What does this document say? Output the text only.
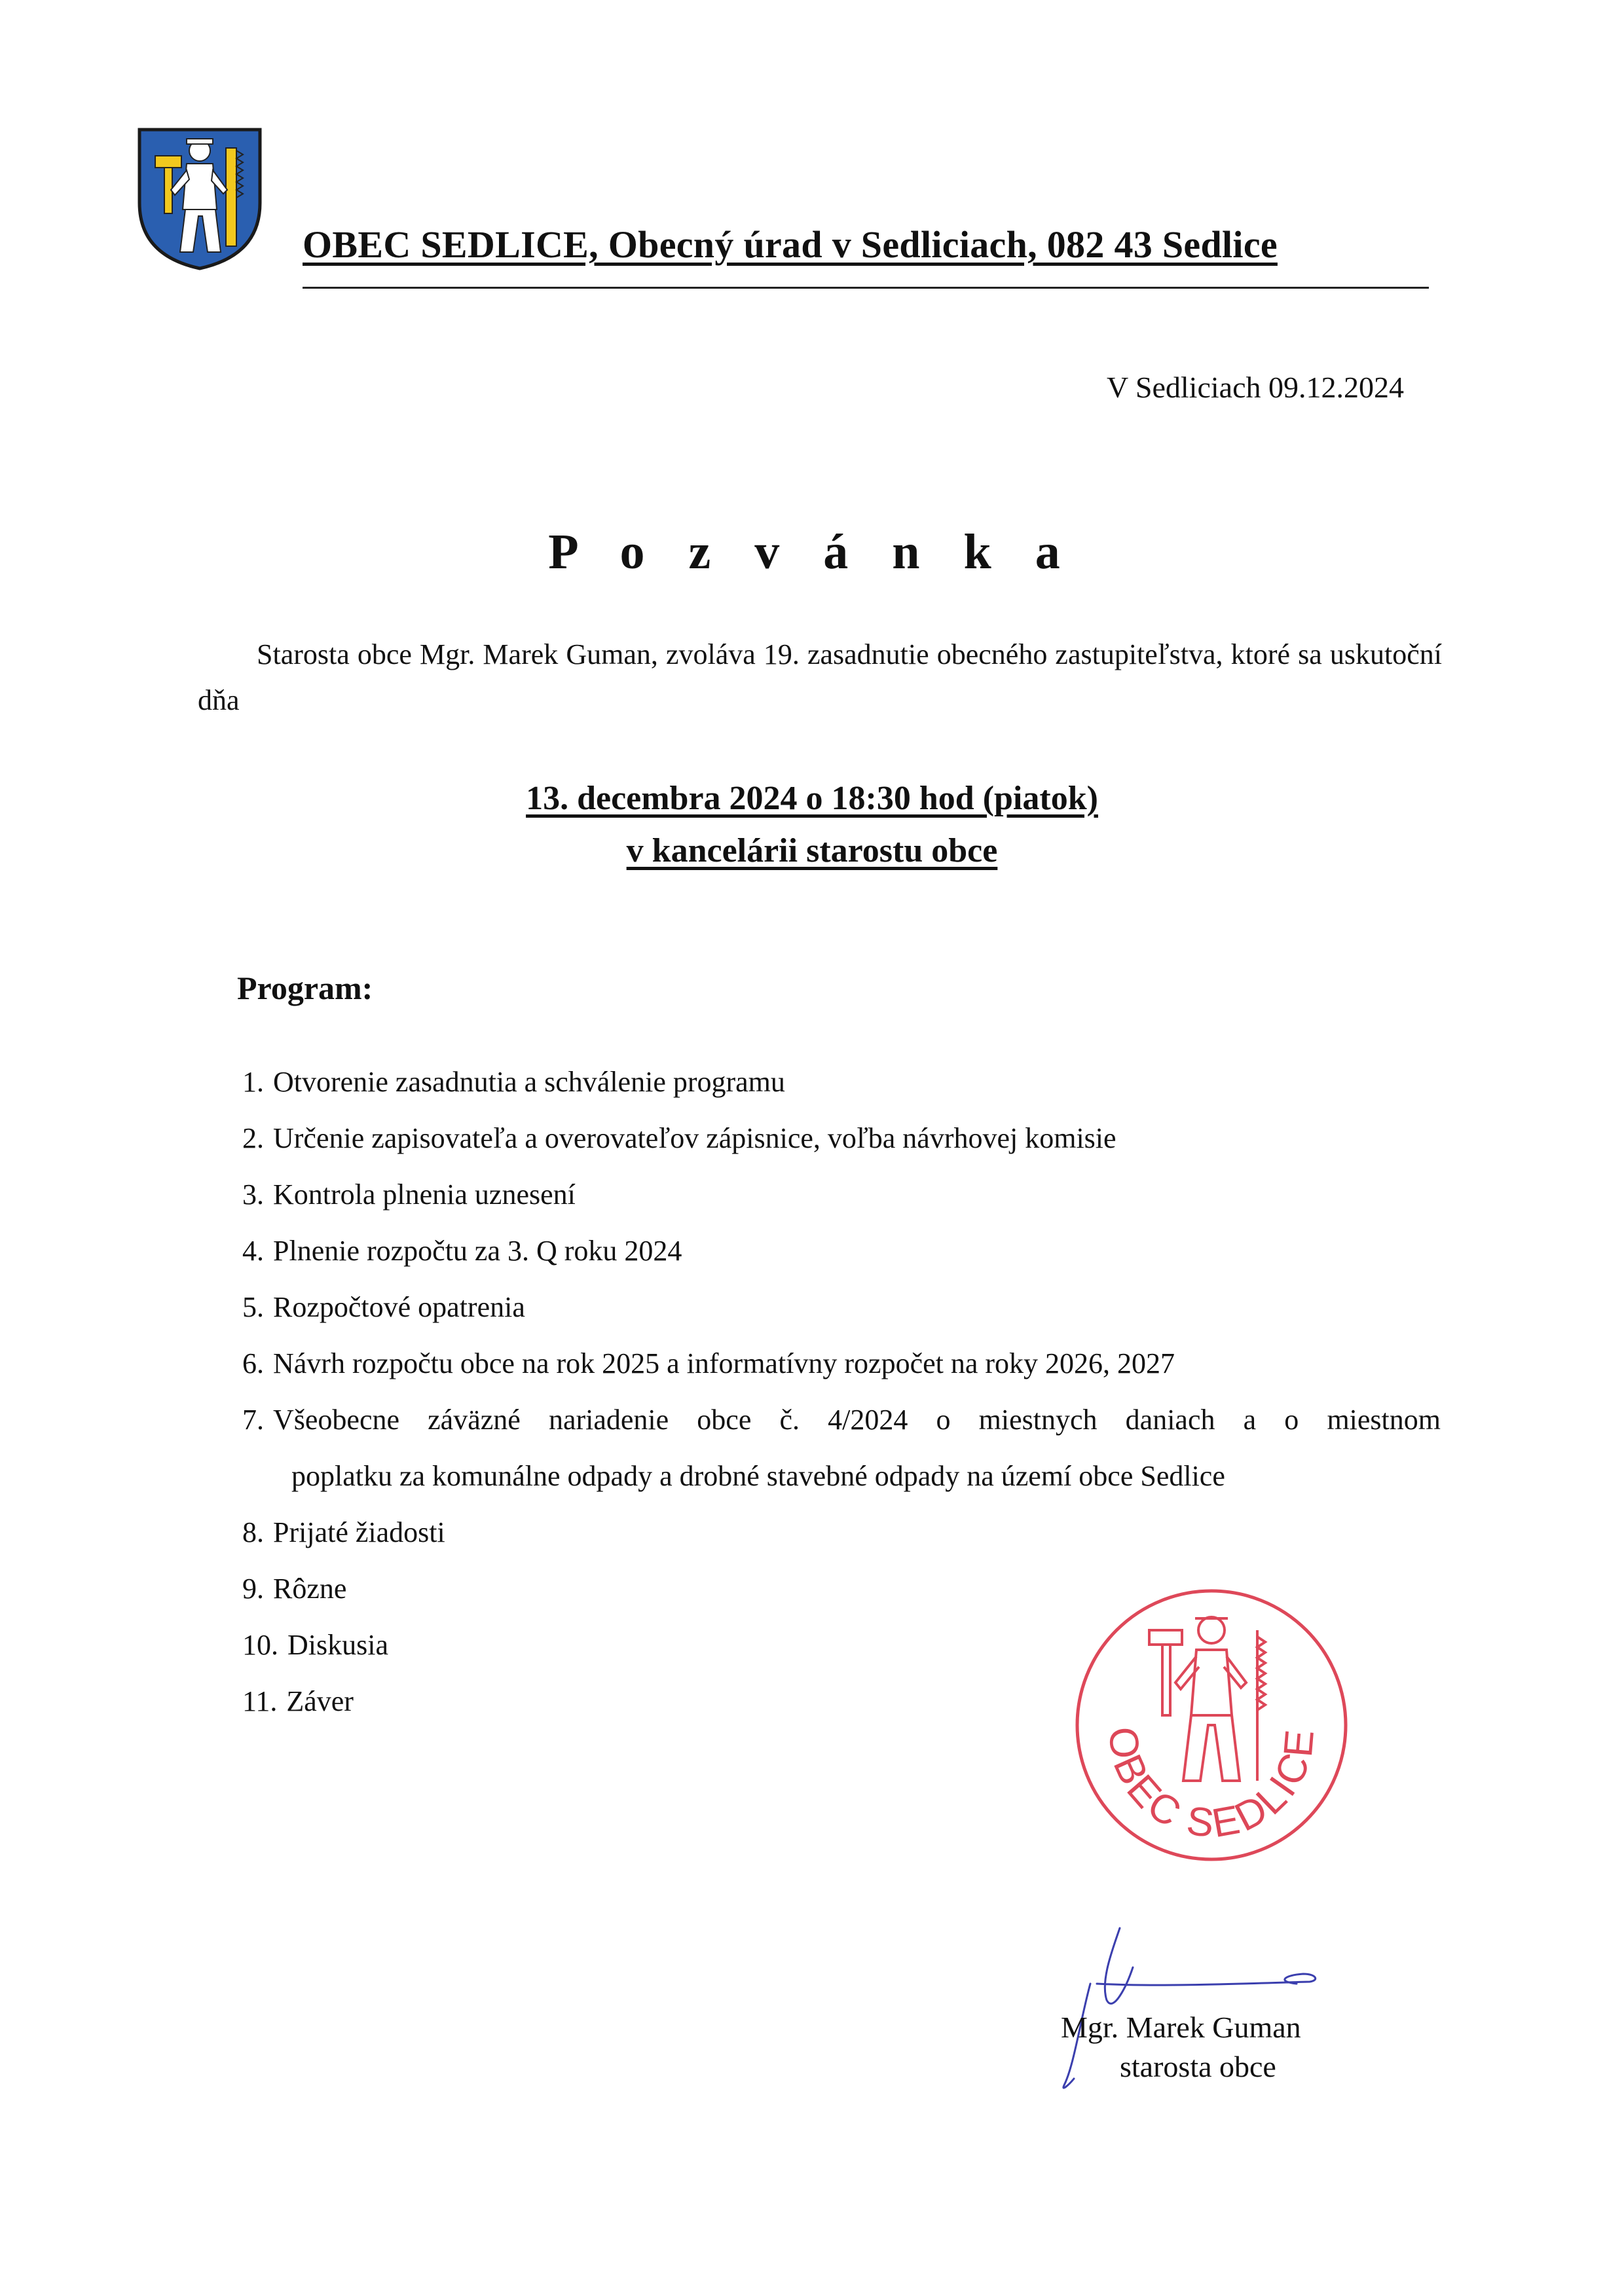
OBEC SEDLICE, Obecný úrad v Sedliciach, 082 43 Sedlice
V Sedliciach 09.12.2024
P o z v á n k a
Starosta obce Mgr. Marek Guman, zvoláva 19. zasadnutie obecného zastupiteľstva, ktoré sa uskutoční dňa
13. decembra 2024 o 18:30 hod (piatok)
v kancelárii starostu obce
Program:
1. Otvorenie zasadnutia a schválenie programu
2. Určenie zapisovateľa a overovateľov zápisnice, voľba návrhovej komisie
3. Kontrola plnenia uznesení
4. Plnenie rozpočtu za 3. Q roku 2024
5. Rozpočtové opatrenia
6. Návrh rozpočtu obce na rok 2025 a informatívny rozpočet na roky 2026, 2027
7. Všeobecne záväzné nariadenie obce č. 4/2024 o miestnych daniach a o miestnom
poplatku za komunálne odpady a drobné stavebné odpady na území obce Sedlice
8. Prijaté žiadosti
9. Rôzne
10. Diskusia
11. Záver
OBEC SEDLICE
Mgr. Marek Guman
starosta obce
